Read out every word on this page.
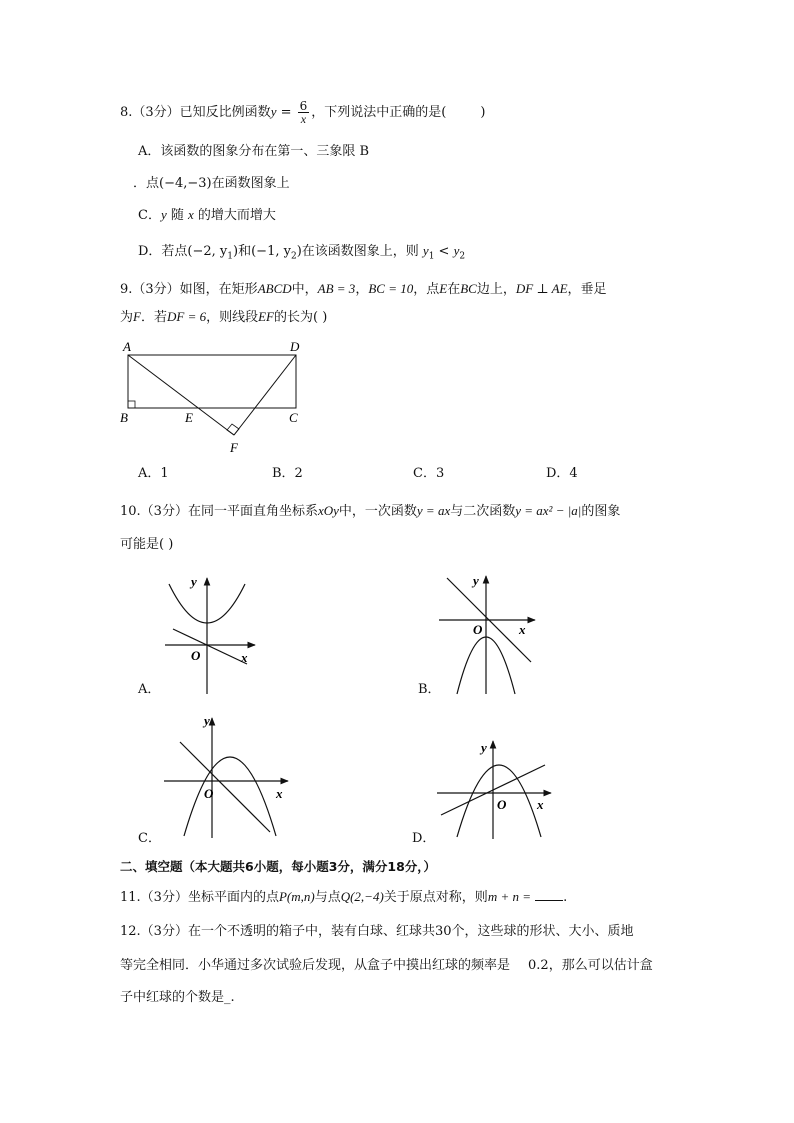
8.（3分）已知反比例函数$y = \frac{6}{x}$ ，下列说法中正确的是(	)
A．该函数的图象分布在第一、三象限 B
．点(−4,−3)在函数图象上
C．y 随 x 的增大而增大
D．若点(−2, $y_1$)和(−1, $y_2$)在该函数图象上，则 $y_1 < y_2$
9.（3分）如图，在矩形ABCD中，AB = 3，BC = 10，点E在BC边上，DF ⊥ AE，垂足
为F．若DF = 6，则线段EF的长为( )
A	D
B	E	C
F
A．1	B．2	C．3	D．4
10.（3分）在同一平面直角坐标系xOy中，一次函数y = ax与二次函数y = ax² − |a|的图象
可能是( )
y
x
O
A．
y
x
O
B．
y
x
O
C．
y
x
O
D．
二、填空题（本大题共6小题，每小题3分，满分18分，）
11.（3分）坐标平面内的点P(m,n)与点Q(2,−4)关于原点对称，则m + n = .
12.（3分）在一个不透明的箱子中，装有白球、红球共30个，这些球的形状、大小、质地
等完全相同．小华通过多次试验后发现，从盒子中摸出红球的频率是 0.2，那么可以估计盒
子中红球的个数是_.
